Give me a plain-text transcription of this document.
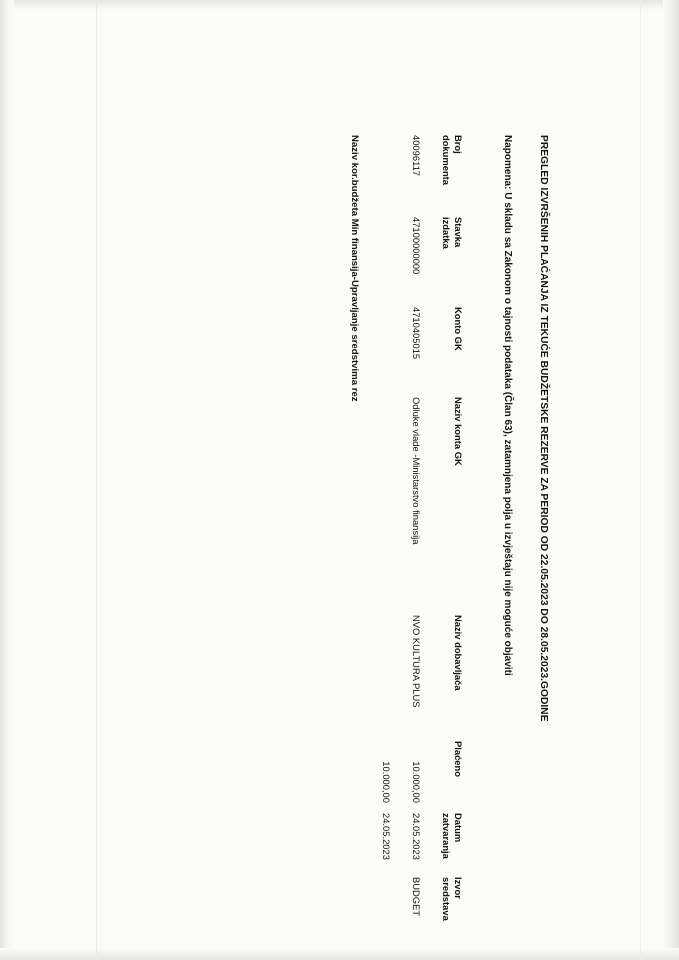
PREGLED IZVRŠENIH PLAĆANJA IZ TEKUĆE BUDŽETSKE REZERVE ZA PERIOD OD 22.05.2023 DO 28.05.2023.GODINE
Napomena: U skladu sa Zakonom o tajnosti podataka (Član 63), zatamnjena polja u izvještaju nije moguće objaviti
Broj
dokumenta
Stavka
izdatka
Konto GK
Naziv konta GK
Naziv dobavljača
Plaćeno
Datum
zatvaranja
Izvor
sredstava
40096117
47100000000
4710405015
Odluke vlade -Ministarstvo finansija
NVO KULTURA PLUS
10.000,00
24.05.2023
BUDGET
10.000,00
24.05.2023
Naziv kor.budžeta Min finansija-Upravljanje sredstvima rez
